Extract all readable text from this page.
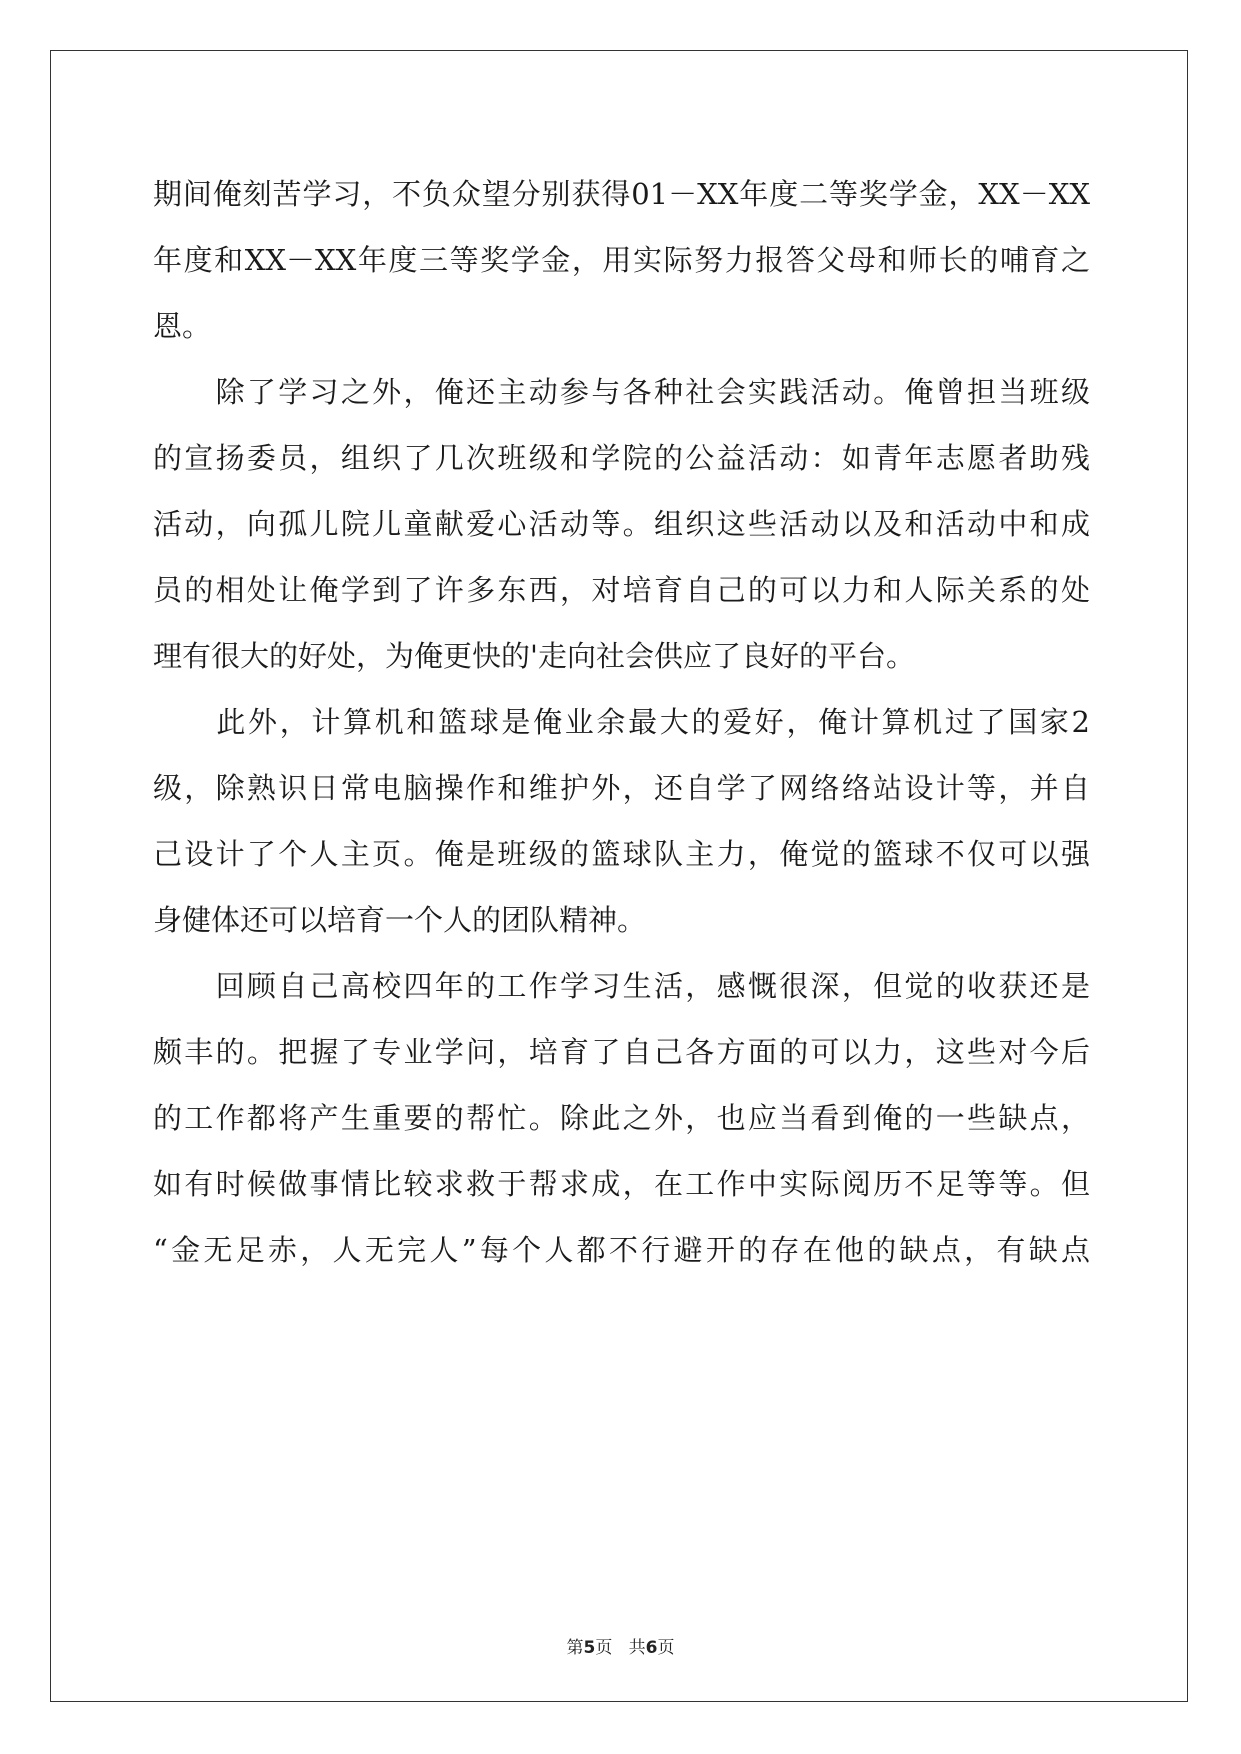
期间俺刻苦学习，不负众望分别获得01－XX年度二等奖学金，XX－XX
年度和XX－XX年度三等奖学金，用实际努力报答父母和师长的哺育之
恩。
　　除了学习之外，俺还主动参与各种社会实践活动。俺曾担当班级
的宣扬委员，组织了几次班级和学院的公益活动：如青年志愿者助残
活动，向孤儿院儿童献爱心活动等。组织这些活动以及和活动中和成
员的相处让俺学到了许多东西，对培育自己的可以力和人际关系的处
理有很大的好处，为俺更快的'走向社会供应了良好的平台。
　　此外，计算机和篮球是俺业余最大的爱好，俺计算机过了国家2
级，除熟识日常电脑操作和维护外，还自学了网络络站设计等，并自
己设计了个人主页。俺是班级的篮球队主力，俺觉的篮球不仅可以强
身健体还可以培育一个人的团队精神。
　　回顾自己高校四年的工作学习生活，感慨很深，但觉的收获还是
颇丰的。把握了专业学问，培育了自己各方面的可以力，这些对今后
的工作都将产生重要的帮忙。除此之外，也应当看到俺的一些缺点，
如有时候做事情比较求救于帮求成，在工作中实际阅历不足等等。但
“金无足赤，人无完人”每个人都不行避开的存在他的缺点，有缺点
第5页 共6页
